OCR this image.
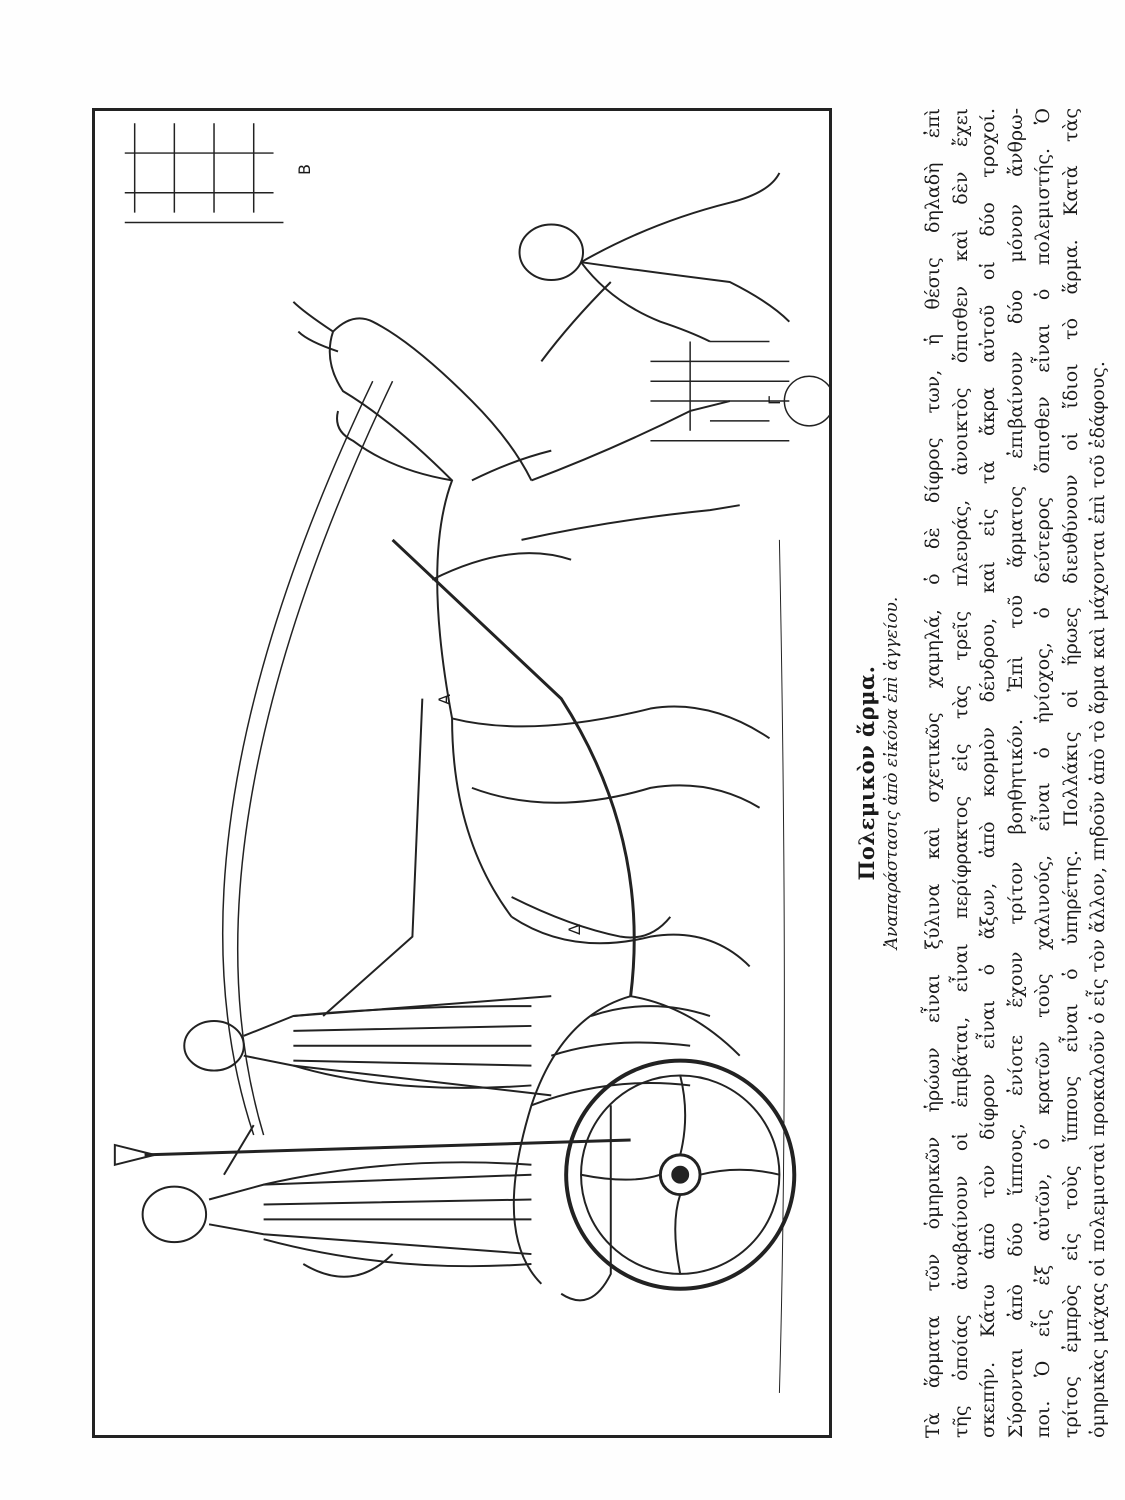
Α
Β
Γ
Δ
Πολεμικὸν ἅρμα. Ἀναπαράστασις ἀπὸ εἰκόνα ἐπὶ ἀγγείου. Τὰ ἅρματα τῶν ὁμηρικῶν ἡρώων εἶναι ξύλινα καὶ σχετικῶς χαμηλά, ὁ δὲ δίφρος των, ἡ θέσις δηλαδὴ ἐπὶ τῆς ὁποίας ἀναβαίνουν οἱ ἐπιβάται, εἶναι περίφρακτος εἰς τὰς τρεῖς πλευράς, ἀνοικτὸς ὄπισθεν καὶ δὲν ἔχει σκεπήν. Κάτω ἀπὸ τὸν δίφρον εἶναι ὁ ἄξων, ἀπὸ κορμὸν δένδρου, καὶ εἰς τὰ ἄκρα αὐτοῦ οἱ δύο τροχοί. Σύρονται ἀπὸ δύο ἵππους, ἐνίοτε ἔχουν τρίτον βοηθητικόν. Ἐπὶ τοῦ ἅρματος ἐπιβαίνουν δύο μόνον ἄνθρω- ποι. Ὁ εἷς ἐξ αὐτῶν, ὁ κρατῶν τοὺς χαλινούς, εἶναι ὁ ἡνίοχος, ὁ δεύτερος ὄπισθεν εἶναι ὁ πολεμιστής. Ὁ τρίτος ἐμπρὸς εἰς τοὺς ἵππους εἶναι ὁ ὑπηρέτης. Πολλάκις οἱ ἥρωες διευθύνουν οἱ ἴδιοι τὸ ἅρμα. Κατὰ τὰς ὁμηρικὰς μάχας οἱ πολεμισταὶ προκαλοῦν ὁ εἷς τὸν ἄλλον, πηδοῦν ἀπὸ τὸ ἅρμα καὶ μάχονται ἐπὶ τοῦ ἐδάφους.
